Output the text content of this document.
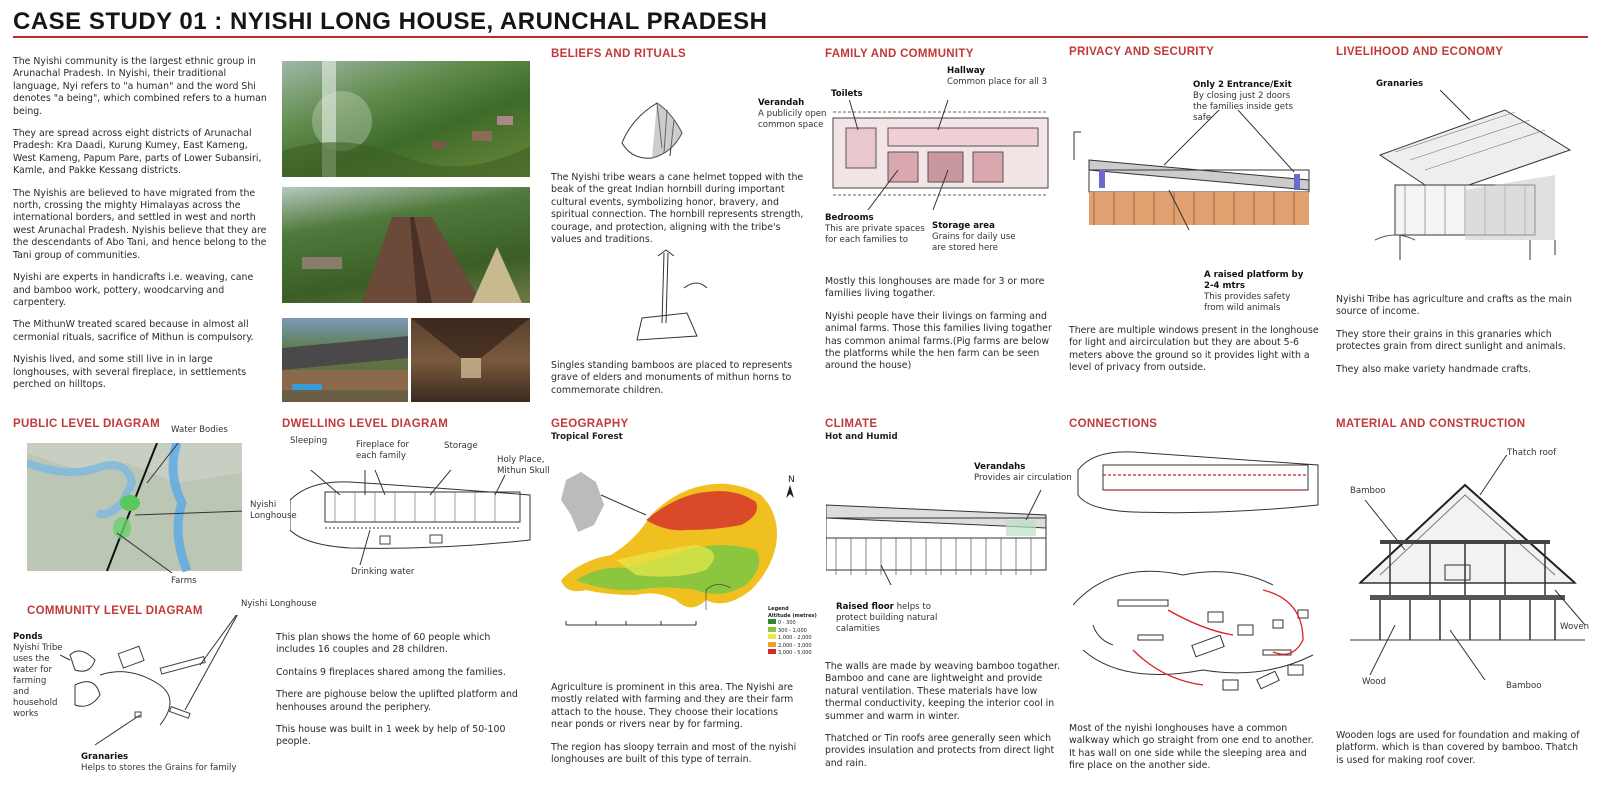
CASE STUDY 01 : NYISHI LONG HOUSE, ARUNCHAL PRADESH

The Nyishi community is the largest ethnic group in Arunachal Pradesh. In Nyishi, their traditional language, Nyi refers to "a human" and the word Shi denotes "a being", which combined refers to a human being.

They are spread across eight districts of Arunachal Pradesh: Kra Daadi, Kurung Kumey, East Kameng, West Kameng, Papum Pare, parts of Lower Subansiri, Kamle, and Pakke Kessang districts.

The Nyishis are believed to have migrated from the north, crossing the mighty Himalayas across the international borders, and settled in west and north west Arunachal Pradesh. Nyishis believe that they are the descendants of Abo Tani, and hence belong to the Tani group of communities.

Nyishi are experts in handicrafts i.e. weaving, cane and bamboo work, pottery, woodcarving and carpentery.

The MithunW treated scared because in almost all cermonial rituals, sacrifice of Mithun is compulsory.

Nyishis lived, and some still live in in large longhouses, with several fireplace, in settlements perched on hilltops.

BELIEFS AND RITUALS
The Nyishi tribe wears a cane helmet topped with the beak of the great Indian hornbill during important cultural events, symbolizing honor, bravery, and spiritual connection. The hornbill represents strength, courage, and protection, aligning with the tribe's values and traditions.
Singles standing bamboos are placed to represents grave of elders and monuments of mithun horns to commemorate children.
FAMILY AND COMMUNITY
Hallway
Common place for all 3
Toilets
Verandah
A publicily open common space
Bedrooms
This are private spaces for each families to
Storage area
Grains for daily use are stored here

Mostly this longhouses are made for 3 or more families living togather.

Nyishi people have their livings on farming and animal farms. Those this families living togather has common animal farms.(Pig farms are below the platforms while the hen farm can be seen around the house)

PRIVACY AND SECURITY
Only 2 Entrance/Exit
By closing just 2 doors the families inside gets safe
A raised platform by 2-4 mtrs
This provides safety from wild animals
There are multiple windows present in the longhouse for light and aircirculation but they are about 5-6 meters above the ground so it provides light with a level of privacy from outside.
LIVELIHOOD AND ECONOMY
Granaries

Nyishi Tribe has agriculture and crafts as the main source of income.

They store their grains in this granaries which protectes grain from direct sunlight and animals.

They also make variety handmade crafts.

PUBLIC LEVEL DIAGRAM Water Bodies
Nyishi Longhouse
Farms
COMMUNITY LEVEL DIAGRAM
Nyishi Longhouse
Ponds
Nyishi Tribe uses the water for farming and household works
Granaries
Helps to stores the Grains for family
DWELLING LEVEL DIAGRAM
Sleeping	Fireplace for each family
Storage
Holy Place, Mithun Skull
Drinking water

This plan shows the home of 60 people which includes 16 couples and 28 children.

Contains 9 fireplaces shared among the families.

There are pighouse below the uplifted platform and henhouses around the periphery.

This house was built in 1 week by help of 50-100 people.

GEOGRAPHY
Tropical Forest
N
Legend
Altitude (metres)
0 - 300
300 - 1,000
1,000 - 2,000
2,000 - 3,000
3,000 - 5,000

Agriculture is prominent in this area. The Nyishi are mostly related with farming and they are their farm attach to the house. They choose their locations near ponds or rivers near by for farming.

The region has sloopy terrain and most of the nyishi longhouses are built of this type of terrain.

CLIMATE
Hot and Humid
Verandahs
Provides air circulation
Raised floor helps to protect building natural calamities

The walls are made by weaving bamboo togather. Bamboo and cane are lightweight and provide natural ventilation. These materials have low thermal conductivity, keeping the interior cool in summer and warm in winter.

Thatched or Tin roofs aree generally seen which provides insulation and protects from direct light and rain.

CONNECTIONS
Most of the nyishi longhouses have a common walkway which go straight from one end to another. It has wall on one side while the sleeping area and fire place on the another side.
MATERIAL AND CONSTRUCTION
Thatch roof
Bamboo
Woven
Wood	Bamboo
Wooden logs are used for foundation and making of platform. which is than covered by bamboo. Thatch is used for making roof cover.
